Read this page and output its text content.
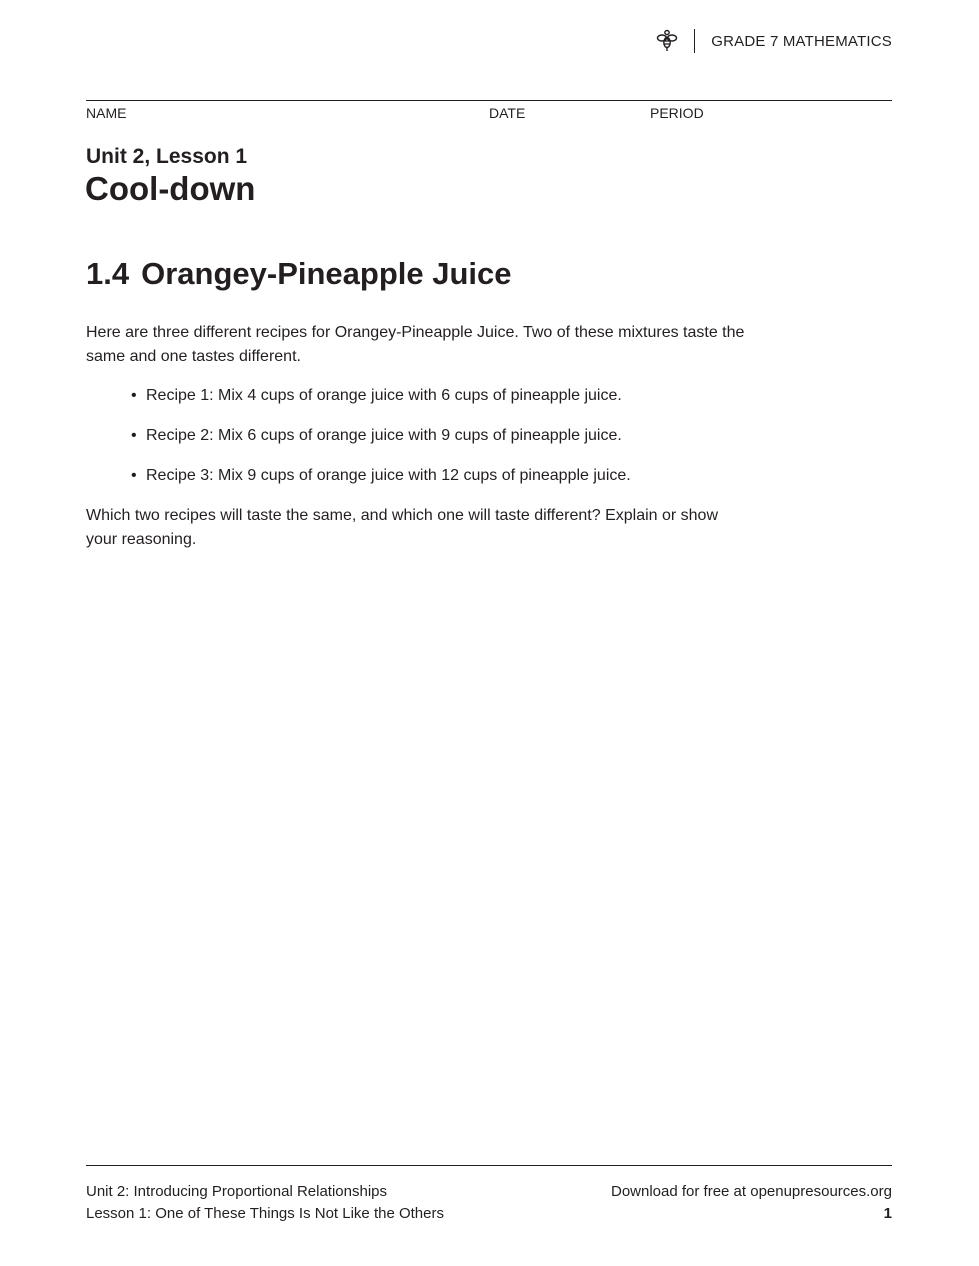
GRADE 7 MATHEMATICS
NAME	DATE	PERIOD
Unit 2, Lesson 1
Cool-down
1.4 Orangey-Pineapple Juice

Here are three different recipes for Orangey-Pineapple Juice. Two of these mixtures taste the same and one tastes different.

• Recipe 1: Mix 4 cups of orange juice with 6 cups of pineapple juice.
• Recipe 2: Mix 6 cups of orange juice with 9 cups of pineapple juice.
• Recipe 3: Mix 9 cups of orange juice with 12 cups of pineapple juice.

Which two recipes will taste the same, and which one will taste different? Explain or show your reasoning.

Unit 2: Introducing Proportional Relationships
Lesson 1: One of These Things Is Not Like the Others
Download for free at openupresources.org
1
